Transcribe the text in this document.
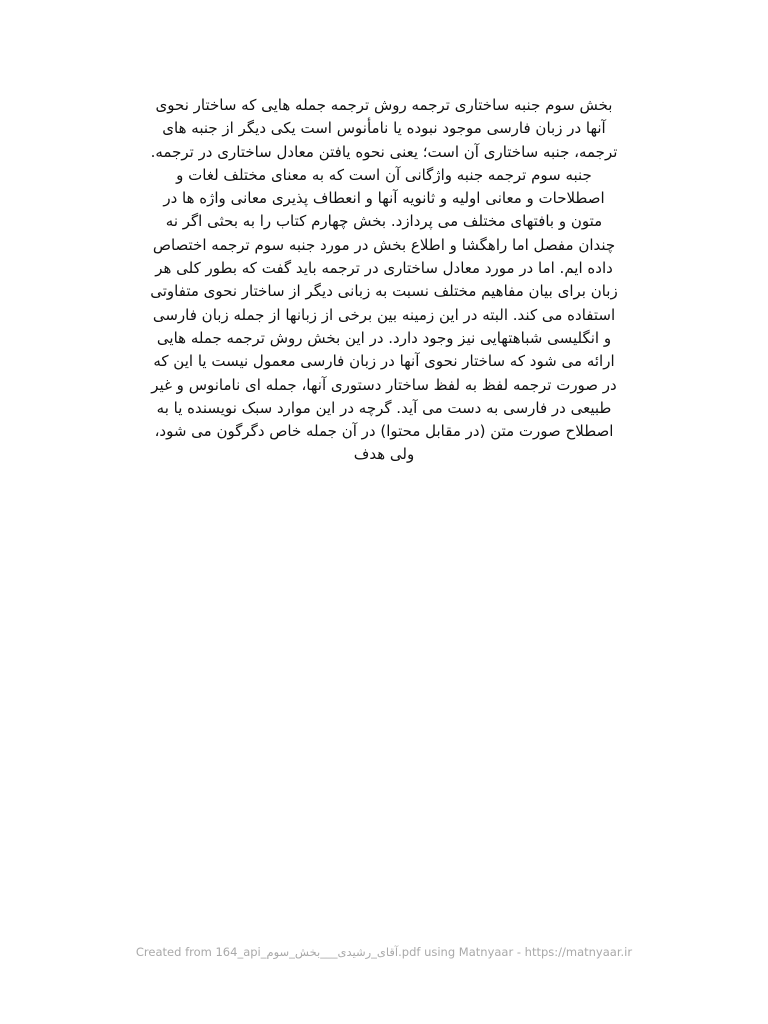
بخش سوم جنبه ساختاری ترجمه روش ترجمه جمله هایی که ساختار نحوی
آنها در زبان فارسی موجود نبوده یا نامأنوس است یکی دیگر از جنبه های
ترجمه، جنبه ساختاری آن است؛ یعنی نحوه یافتن معادل ساختاری در ترجمه.
جنبه سوم ترجمه جنبه واژگانی آن است که به معنای مختلف لغات و
اصطلاحات و معانی اولیه و ثانویه آنها و انعطاف پذیری معانی واژه ها در
متون و بافتهای مختلف می پردازد. بخش چهارم کتاب را به بحثی اگر نه
چندان مفصل اما راهگشا و اطلاع بخش در مورد جنبه سوم ترجمه اختصاص
داده ایم. اما در مورد معادل ساختاری در ترجمه باید گفت که بطور کلی هر
زبان برای بیان مفاهیم مختلف نسبت به زبانی دیگر از ساختار نحوی متفاوتی
استفاده می کند. البته در این زمینه بین برخی از زبانها از جمله زبان فارسی
و انگلیسی شباهتهایی نیز وجود دارد. در این بخش روش ترجمه جمله هایی
ارائه می شود که ساختار نحوی آنها در زبان فارسی معمول نیست یا این که
در صورت ترجمه لفظ به لفظ ساختار دستوری آنها، جمله ای نامانوس و غیر
طبیعی در فارسی به دست می آید. گرچه در این موارد سبک نویسنده یا به
اصطلاح صورت متن (در مقابل محتوا) در آن جمله خاص دگرگون می شود،
ولی هدف
Created from 164_api_آقای_رشیدی___بخش_سوم.pdf using Matnyaar - https://matnyaar.ir
